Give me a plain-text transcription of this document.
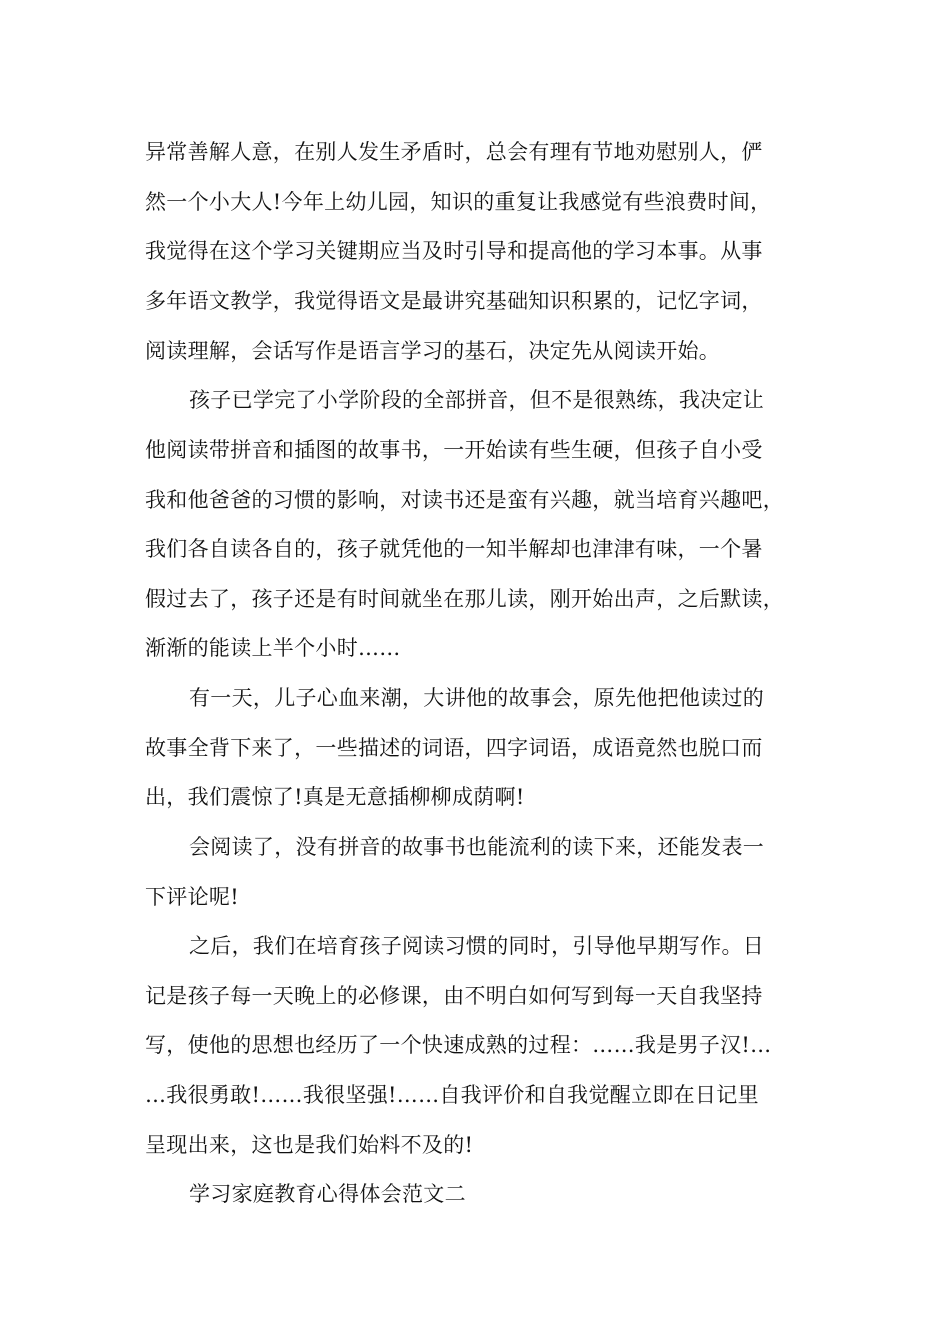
异常善解人意，在别人发生矛盾时，总会有理有节地劝慰别人，俨
然一个小大人!今年上幼儿园，知识的重复让我感觉有些浪费时间，
我觉得在这个学习关键期应当及时引导和提高他的学习本事。从事
多年语文教学，我觉得语文是最讲究基础知识积累的，记忆字词，
阅读理解，会话写作是语言学习的基石，决定先从阅读开始。
孩子已学完了小学阶段的全部拼音，但不是很熟练，我决定让
他阅读带拼音和插图的故事书，一开始读有些生硬，但孩子自小受
我和他爸爸的习惯的影响，对读书还是蛮有兴趣，就当培育兴趣吧，
我们各自读各自的，孩子就凭他的一知半解却也津津有味，一个暑
假过去了，孩子还是有时间就坐在那儿读，刚开始出声，之后默读，
渐渐的能读上半个小时……
有一天，儿子心血来潮，大讲他的故事会，原先他把他读过的
故事全背下来了，一些描述的词语，四字词语，成语竟然也脱口而
出，我们震惊了!真是无意插柳柳成荫啊!
会阅读了，没有拼音的故事书也能流利的读下来，还能发表一
下评论呢!
之后，我们在培育孩子阅读习惯的同时，引导他早期写作。日
记是孩子每一天晚上的必修课，由不明白如何写到每一天自我坚持
写，使他的思想也经历了一个快速成熟的过程：……我是男子汉!…
…我很勇敢!……我很坚强!……自我评价和自我觉醒立即在日记里
呈现出来，这也是我们始料不及的!
学习家庭教育心得体会范文二
